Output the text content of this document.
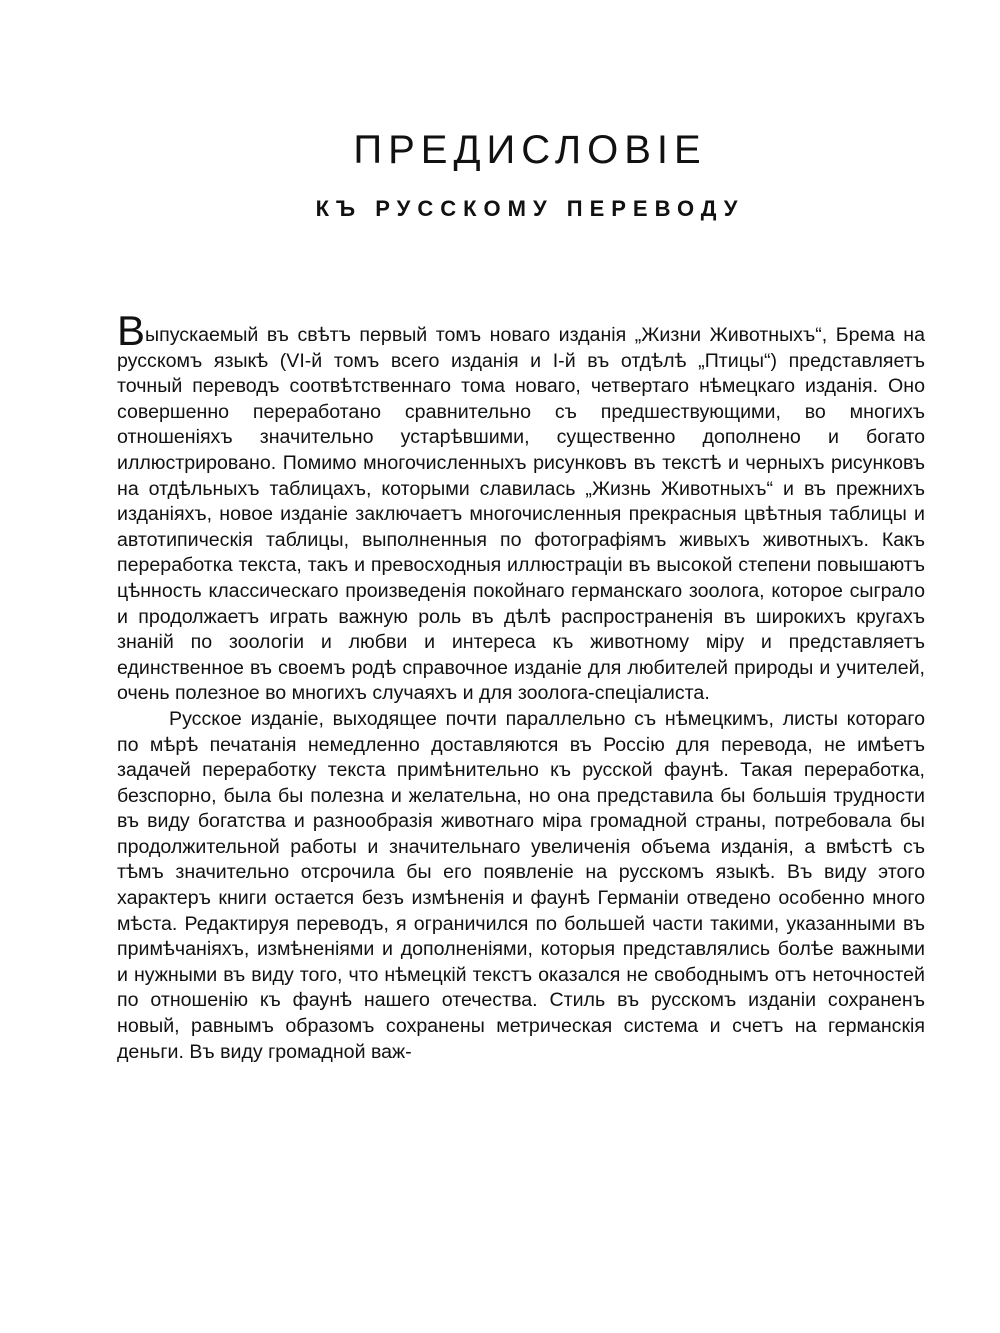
ПРЕДИСЛОВІЕ
КЪ РУССКОМУ ПЕРЕВОДУ

Выпускаемый въ свѣтъ первый томъ новаго изданія „Жизни Животныхъ“, Брема на русскомъ языкѣ (VI-й томъ всего изданія и I-й въ отдѣлѣ „Птицы“) представляетъ точный переводъ соотвѣтственнаго тома новаго, четвертаго нѣмецкаго изданія. Оно совершенно переработано сравнительно съ предшествующими, во многихъ отношеніяхъ значительно устарѣвшими, существенно дополнено и богато иллюстрировано. Помимо многочисленныхъ рисунковъ въ текстѣ и черныхъ рисунковъ на отдѣльныхъ таблицахъ, которыми славилась „Жизнь Животныхъ“ и въ прежнихъ изданіяхъ, новое изданіе заключаетъ многочисленныя прекрасныя цвѣтныя таблицы и автотипическія таблицы, выполненныя по фотографіямъ живыхъ животныхъ. Какъ переработка текста, такъ и превосходныя иллюстраціи въ высокой степени повышаютъ цѣнность классическаго произведенія покойнаго германскаго зоолога, которое сыграло и продолжаетъ играть важную роль въ дѣлѣ распространенія въ широкихъ кругахъ знаній по зоологіи и любви и интереса къ животному міру и представляетъ единственное въ своемъ родѣ справочное изданіе для любителей природы и учителей, очень полезное во многихъ случаяхъ и для зоолога-спеціалиста.

Русское изданіе, выходящее почти параллельно съ нѣмецкимъ, листы котораго по мѣрѣ печатанія немедленно доставляются въ Россію для перевода, не имѣетъ задачей переработку текста примѣнительно къ русской фаунѣ. Такая переработка, безспорно, была бы полезна и желательна, но она представила бы большія трудности въ виду богатства и разнообразія животнаго міра громадной страны, потребовала бы продолжительной работы и значительнаго увеличенія объема изданія, а вмѣстѣ съ тѣмъ значительно отсрочила бы его появленіе на русскомъ языкѣ. Въ виду этого характеръ книги остается безъ измѣненія и фаунѣ Германіи отведено особенно много мѣста. Редактируя переводъ, я ограничился по большей части такими, указанными въ примѣчаніяхъ, измѣненіями и дополненіями, которыя представлялись болѣе важными и нужными въ виду того, что нѣмецкій текстъ оказался не свободнымъ отъ неточностей по отношенію къ фаунѣ нашего отечества. Стиль въ русскомъ изданіи сохраненъ новый, равнымъ образомъ сохранены метрическая система и счетъ на германскія деньги. Въ виду громадной важ-
